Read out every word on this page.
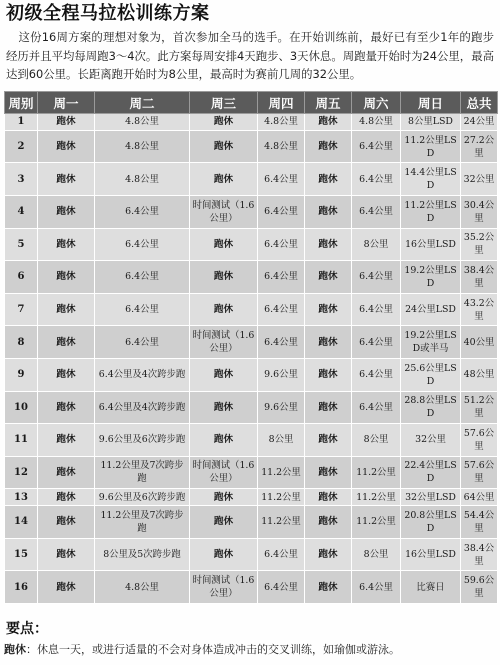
初级全程马拉松训练方案
这份16周方案的理想对象为，首次参加全马的选手。在开始训练前，最好已有至少1年的跑步经历并且平均每周跑3～4次。此方案每周安排4天跑步、3天休息。周跑量开始时为24公里，最高达到60公里。长距离跑开始时为8公里，最高时为赛前几周的32公里。
周别	周一	周二	周三	周四	周五	周六	周日	总共
1	跑休	4.8公里	跑休	4.8公里	跑休	4.8公里	8公里LSD	24公里
2	跑休	4.8公里	跑休	4.8公里	跑休	6.4公里	11.2公里LSD	27.2公里
3	跑休	4.8公里	跑休	6.4公里	跑休	6.4公里	14.4公里LSD	32公里
4	跑休	6.4公里	时间测试（1.6公里）	6.4公里	跑休	6.4公里	11.2公里LSD	30.4公里
5	跑休	6.4公里	跑休	6.4公里	跑休	8公里	16公里LSD	35.2公里
6	跑休	6.4公里	跑休	6.4公里	跑休	6.4公里	19.2公里LSD	38.4公里
7	跑休	6.4公里	跑休	6.4公里	跑休	6.4公里	24公里LSD	43.2公里
8	跑休	6.4公里	时间测试（1.6公里）	6.4公里	跑休	6.4公里	19.2公里LSD或半马	40公里
9	跑休	6.4公里及4次跨步跑	跑休	9.6公里	跑休	6.4公里	25.6公里LSD	48公里
10	跑休	6.4公里及4次跨步跑	跑休	9.6公里	跑休	6.4公里	28.8公里LSD	51.2公里
11	跑休	9.6公里及6次跨步跑	跑休	8公里	跑休	8公里	32公里	57.6公里
12	跑休	11.2公里及7次跨步跑	时间测试（1.6公里）	11.2公里	跑休	11.2公里	22.4公里LSD	57.6公里
13	跑休	9.6公里及6次跨步跑	跑休	11.2公里	跑休	11.2公里	32公里LSD	64公里
14	跑休	11.2公里及7次跨步跑	跑休	11.2公里	跑休	11.2公里	20.8公里LSD	54.4公里
15	跑休	8公里及5次跨步跑	跑休	6.4公里	跑休	8公里	16公里LSD	38.4公里
16	跑休	4.8公里	时间测试（1.6公里）	6.4公里	跑休	6.4公里	比赛日	59.6公里
要点：
跑休：休息一天，或进行适量的不会对身体造成冲击的交叉训练，如瑜伽或游泳。
